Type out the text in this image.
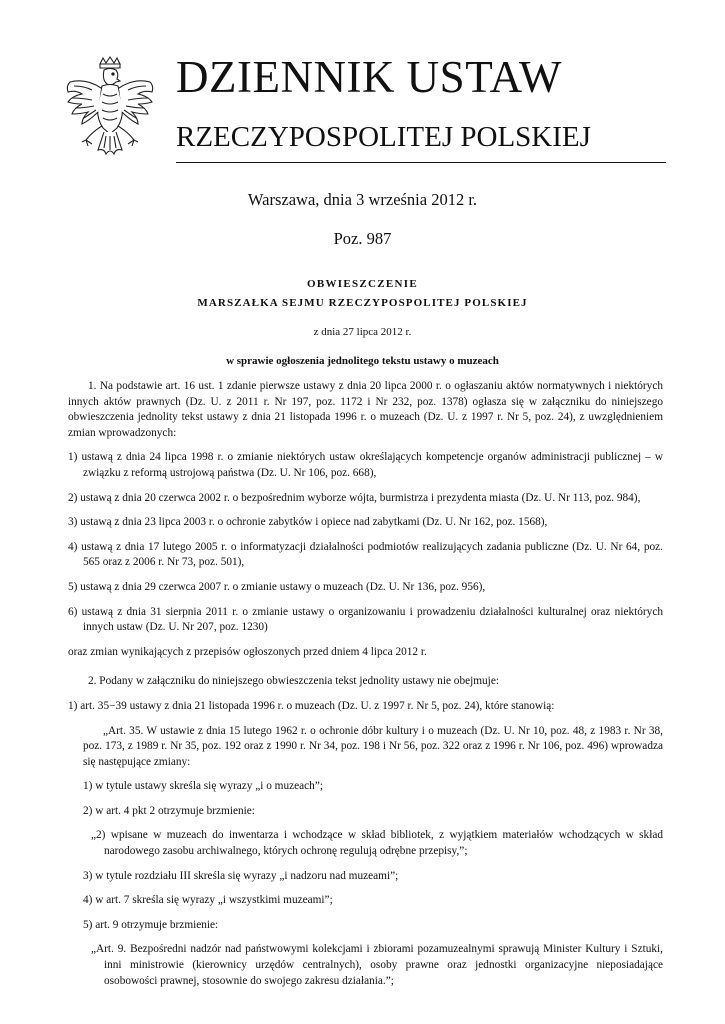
DZIENNIK USTAW
RZECZYPOSPOLITEJ POLSKIEJ
Warszawa, dnia 3 września 2012 r.
Poz. 987
OBWIESZCZENIE
MARSZAŁKA SEJMU RZECZYPOSPOLITEJ POLSKIEJ
z dnia 27 lipca 2012 r.
w sprawie ogłoszenia jednolitego tekstu ustawy o muzeach

1. Na podstawie art. 16 ust. 1 zdanie pierwsze ustawy z dnia 20 lipca 2000 r. o ogłaszaniu aktów normatywnych i niektórych innych aktów prawnych (Dz. U. z 2011 r. Nr 197, poz. 1172 i Nr 232, poz. 1378) ogłasza się w załączniku do niniejszego obwieszczenia jednolity tekst ustawy z dnia 21 listopada 1996 r. o muzeach (Dz. U. z 1997 r. Nr 5, poz. 24), z uwzględnieniem zmian wprowadzonych:

1) ustawą z dnia 24 lipca 1998 r. o zmianie niektórych ustaw określających kompetencje organów administracji publicznej – w związku z reformą ustrojową państwa (Dz. U. Nr 106, poz. 668),

2) ustawą z dnia 20 czerwca 2002 r. o bezpośrednim wyborze wójta, burmistrza i prezydenta miasta (Dz. U. Nr 113, poz. 984),

3) ustawą z dnia 23 lipca 2003 r. o ochronie zabytków i opiece nad zabytkami (Dz. U. Nr 162, poz. 1568),

4) ustawą z dnia 17 lutego 2005 r. o informatyzacji działalności podmiotów realizujących zadania publiczne (Dz. U. Nr 64, poz. 565 oraz z 2006 r. Nr 73, poz. 501),

5) ustawą z dnia 29 czerwca 2007 r. o zmianie ustawy o muzeach (Dz. U. Nr 136, poz. 956),

6) ustawą z dnia 31 sierpnia 2011 r. o zmianie ustawy o organizowaniu i prowadzeniu działalności kulturalnej oraz niektórych innych ustaw (Dz. U. Nr 207, poz. 1230)

oraz zmian wynikających z przepisów ogłoszonych przed dniem 4 lipca 2012 r.

2. Podany w załączniku do niniejszego obwieszczenia tekst jednolity ustawy nie obejmuje:

1) art. 35−39 ustawy z dnia 21 listopada 1996 r. o muzeach (Dz. U. z 1997 r. Nr 5, poz. 24), które stanowią:

„Art. 35. W ustawie z dnia 15 lutego 1962 r. o ochronie dóbr kultury i o muzeach (Dz. U. Nr 10, poz. 48, z 1983 r. Nr 38, poz. 173, z 1989 r. Nr 35, poz. 192 oraz z 1990 r. Nr 34, poz. 198 i Nr 56, poz. 322 oraz z 1996 r. Nr 106, poz. 496) wprowadza się następujące zmiany:

1) w tytule ustawy skreśla się wyrazy „i o muzeach”;

2) w art. 4 pkt 2 otrzymuje brzmienie:

„2) wpisane w muzeach do inwentarza i wchodzące w skład bibliotek, z wyjątkiem materiałów wchodzących w skład narodowego zasobu archiwalnego, których ochronę regulują odrębne przepisy,”;

3) w tytule rozdziału III skreśla się wyrazy „i nadzoru nad muzeami”;

4) w art. 7 skreśla się wyrazy „i wszystkimi muzeami”;

5) art. 9 otrzymuje brzmienie:

„Art. 9. Bezpośredni nadzór nad państwowymi kolekcjami i zbiorami pozamuzealnymi sprawują Minister Kultury i Sztuki, inni ministrowie (kierownicy urzędów centralnych), osoby prawne oraz jednostki organizacyjne nieposiadające osobowości prawnej, stosownie do swojego zakresu działania.”;
